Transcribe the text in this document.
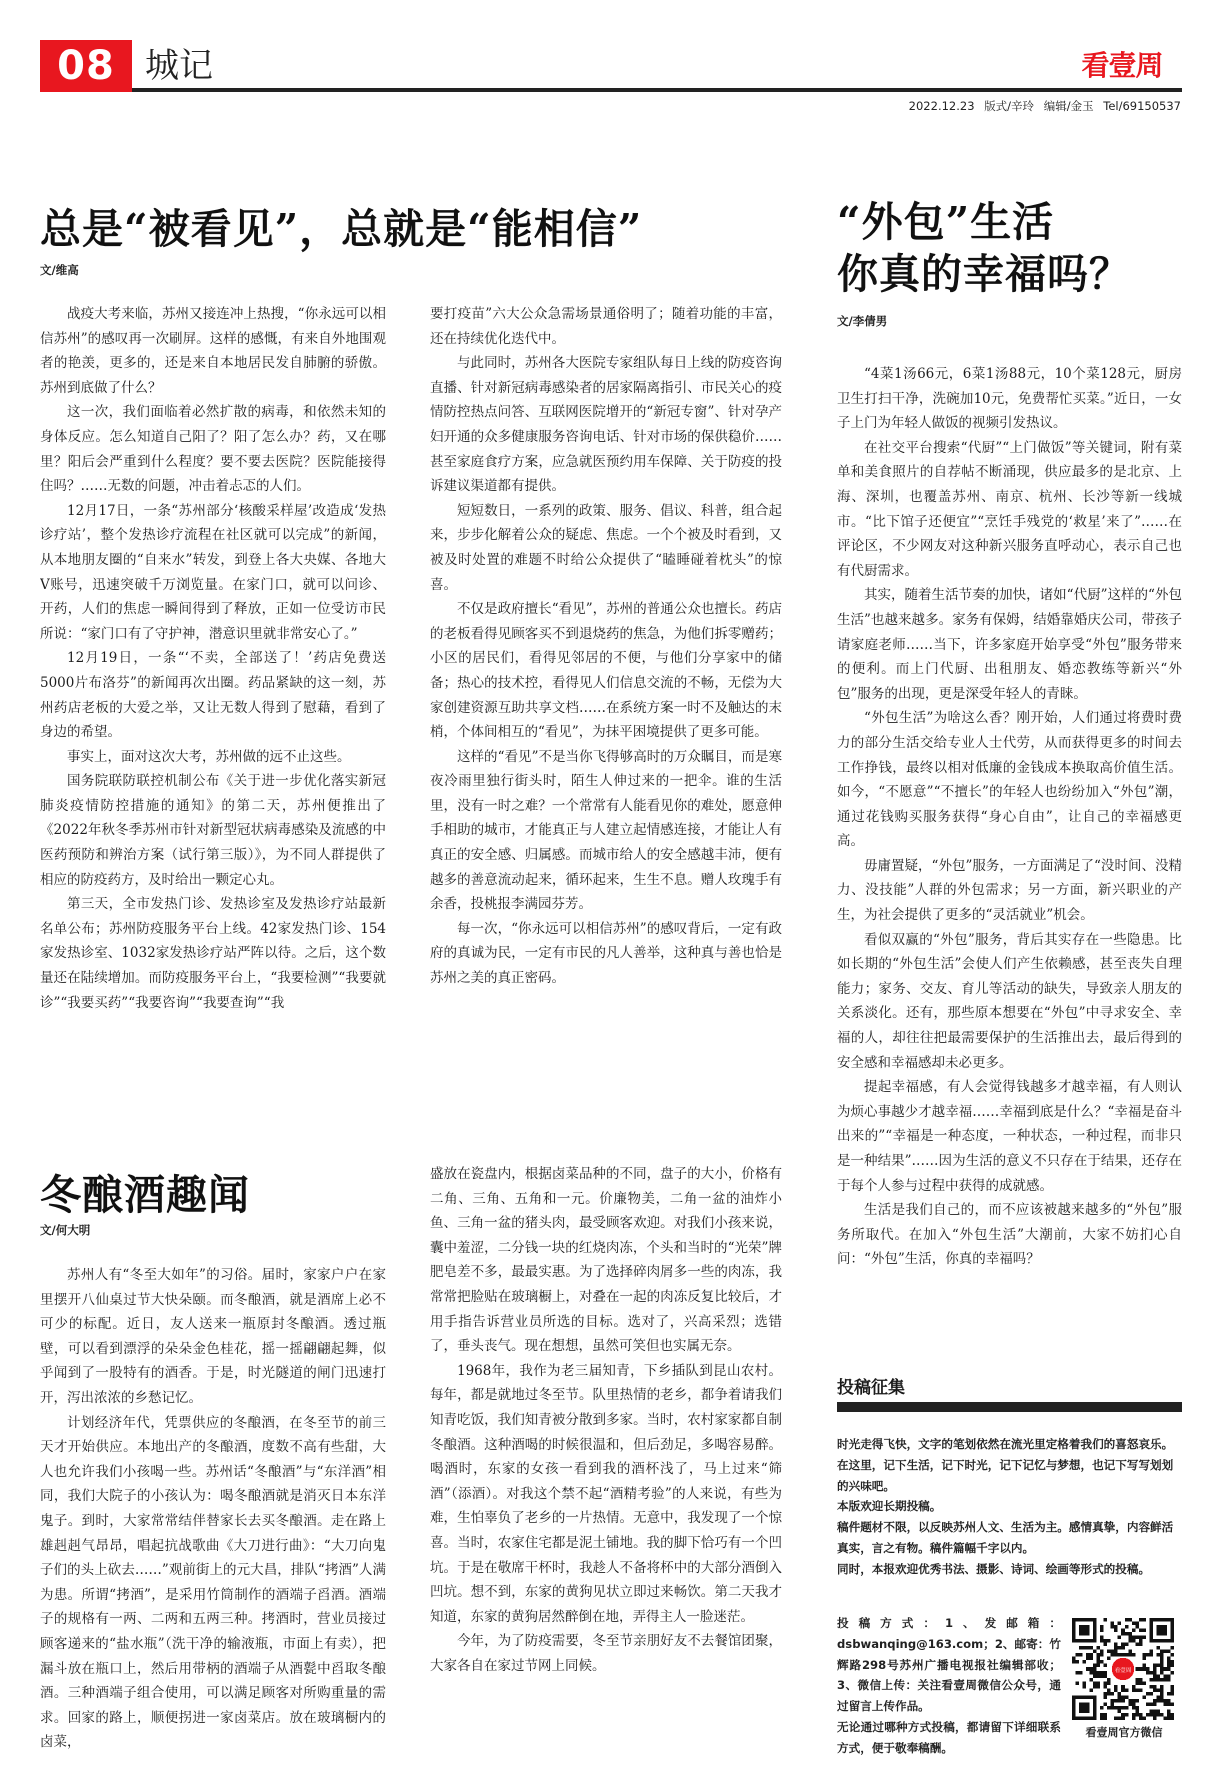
08 城记	看壹周
2022.12.23 版式/辛玲 编辑/金玉 Tel/69150537
总是“被看见”，总就是“能相信”
文/维高

战疫大考来临，苏州又接连冲上热搜，“你永远可以相信苏州”的感叹再一次刷屏。这样的感慨，有来自外地围观者的艳羡，更多的，还是来自本地居民发自肺腑的骄傲。苏州到底做了什么？

这一次，我们面临着必然扩散的病毒，和依然未知的身体反应。怎么知道自己阳了？阳了怎么办？药，又在哪里？阳后会严重到什么程度？要不要去医院？医院能接得住吗？……无数的问题，冲击着忐忑的人们。

12月17日，一条“苏州部分‘核酸采样屋’改造成‘发热诊疗站’，整个发热诊疗流程在社区就可以完成”的新闻，从本地朋友圈的“自来水”转发，到登上各大央媒、各地大V账号，迅速突破千万浏览量。在家门口，就可以问诊、开药，人们的焦虑一瞬间得到了释放，正如一位受访市民所说：“家门口有了守护神，潜意识里就非常安心了。”

12月19日，一条“‘不卖，全部送了！’药店免费送5000片布洛芬”的新闻再次出圈。药品紧缺的这一刻，苏州药店老板的大爱之举，又让无数人得到了慰藉，看到了身边的希望。

事实上，面对这次大考，苏州做的远不止这些。

国务院联防联控机制公布《关于进一步优化落实新冠肺炎疫情防控措施的通知》的第二天，苏州便推出了《2022年秋冬季苏州市针对新型冠状病毒感染及流感的中医药预防和辨治方案（试行第三版）》，为不同人群提供了相应的防疫药方，及时给出一颗定心丸。

第三天，全市发热门诊、发热诊室及发热诊疗站最新名单公布；苏州防疫服务平台上线。42家发热门诊、154家发热诊室、1032家发热诊疗站严阵以待。之后，这个数量还在陆续增加。而防疫服务平台上，“我要检测”“我要就诊”“我要买药”“我要咨询”“我要查询”“我

要打疫苗”六大公众急需场景通俗明了；随着功能的丰富，还在持续优化迭代中。

与此同时，苏州各大医院专家组队每日上线的防疫咨询直播、针对新冠病毒感染者的居家隔离指引、市民关心的疫情防控热点问答、互联网医院增开的“新冠专窗”、针对孕产妇开通的众多健康服务咨询电话、针对市场的保供稳价……甚至家庭食疗方案，应急就医预约用车保障、关于防疫的投诉建议渠道都有提供。

短短数日，一系列的政策、服务、倡议、科普，组合起来，步步化解着公众的疑虑、焦虑。一个个被及时看到，又被及时处置的难题不时给公众提供了“瞌睡碰着枕头”的惊喜。

不仅是政府擅长“看见”，苏州的普通公众也擅长。药店的老板看得见顾客买不到退烧药的焦急，为他们拆零赠药；小区的居民们，看得见邻居的不便，与他们分享家中的储备；热心的技术控，看得见人们信息交流的不畅，无偿为大家创建资源互助共享文档……在系统方案一时不及触达的末梢，个体间相互的“看见”，为抹平困境提供了更多可能。

这样的“看见”不是当你飞得够高时的万众瞩目，而是寒夜冷雨里独行街头时，陌生人伸过来的一把伞。谁的生活里，没有一时之难？一个常常有人能看见你的难处，愿意伸手相助的城市，才能真正与人建立起情感连接，才能让人有真正的安全感、归属感。而城市给人的安全感越丰沛，便有越多的善意流动起来，循环起来，生生不息。赠人玫瑰手有余香，投桃报李满园芬芳。

每一次，“你永远可以相信苏州”的感叹背后，一定有政府的真诚为民，一定有市民的凡人善举，这种真与善也恰是苏州之美的真正密码。

“外包”生活
你真的幸福吗？
文/李倩男

“4菜1汤66元，6菜1汤88元，10个菜128元，厨房卫生打扫干净，洗碗加10元，免费帮忙买菜。”近日，一女子上门为年轻人做饭的视频引发热议。

在社交平台搜索“代厨”“上门做饭”等关键词，附有菜单和美食照片的自荐帖不断涌现，供应最多的是北京、上海、深圳，也覆盖苏州、南京、杭州、长沙等新一线城市。“比下馆子还便宜”“烹饪手残党的‘救星’来了”……在评论区，不少网友对这种新兴服务直呼动心，表示自己也有代厨需求。

其实，随着生活节奏的加快，诸如“代厨”这样的“外包生活”也越来越多。家务有保姆，结婚靠婚庆公司，带孩子请家庭老师……当下，许多家庭开始享受“外包”服务带来的便利。而上门代厨、出租朋友、婚恋教练等新兴“外包”服务的出现，更是深受年轻人的青睐。

“外包生活”为啥这么香？刚开始，人们通过将费时费力的部分生活交给专业人士代劳，从而获得更多的时间去工作挣钱，最终以相对低廉的金钱成本换取高价值生活。如今，“不愿意”“不擅长”的年轻人也纷纷加入“外包”潮，通过花钱购买服务获得“身心自由”，让自己的幸福感更高。

毋庸置疑，“外包”服务，一方面满足了“没时间、没精力、没技能”人群的外包需求；另一方面，新兴职业的产生，为社会提供了更多的“灵活就业”机会。

看似双赢的“外包”服务，背后其实存在一些隐患。比如长期的“外包生活”会使人们产生依赖感，甚至丧失自理能力；家务、交友、育儿等活动的缺失，导致亲人朋友的关系淡化。还有，那些原本想要在“外包”中寻求安全、幸福的人，却往往把最需要保护的生活推出去，最后得到的安全感和幸福感却未必更多。

提起幸福感，有人会觉得钱越多才越幸福，有人则认为烦心事越少才越幸福……幸福到底是什么？“幸福是奋斗出来的”“幸福是一种态度，一种状态，一种过程，而非只是一种结果”……因为生活的意义不只存在于结果，还存在于每个人参与过程中获得的成就感。

生活是我们自己的，而不应该被越来越多的“外包”服务所取代。在加入“外包生活”大潮前，大家不妨扪心自问：“外包”生活，你真的幸福吗？

冬酿酒趣闻
文/何大明

苏州人有“冬至大如年”的习俗。届时，家家户户在家里摆开八仙桌过节大快朵颐。而冬酿酒，就是酒席上必不可少的标配。近日，友人送来一瓶原封冬酿酒。透过瓶壁，可以看到漂浮的朵朵金色桂花，摇一摇翩翩起舞，似乎闻到了一股特有的酒香。于是，时光隧道的闸门迅速打开，泻出浓浓的乡愁记忆。

计划经济年代，凭票供应的冬酿酒，在冬至节的前三天才开始供应。本地出产的冬酿酒，度数不高有些甜，大人也允许我们小孩喝一些。苏州话“冬酿酒”与“东洋酒”相同，我们大院子的小孩认为：喝冬酿酒就是消灭日本东洋鬼子。到时，大家常常结伴替家长去买冬酿酒。走在路上雄赳赳气昂昂，唱起抗战歌曲《大刀进行曲》：“大刀向鬼子们的头上砍去……”观前街上的元大昌，排队“拷酒”人满为患。所谓“拷酒”，是采用竹筒制作的酒端子舀酒。酒端子的规格有一两、二两和五两三种。拷酒时，营业员接过顾客递来的“盐水瓶”（洗干净的输液瓶，市面上有卖），把漏斗放在瓶口上，然后用带柄的酒端子从酒甏中舀取冬酿酒。三种酒端子组合使用，可以满足顾客对所购重量的需求。回家的路上，顺便拐进一家卤菜店。放在玻璃橱内的卤菜，

盛放在瓷盘内，根据卤菜品种的不同，盘子的大小，价格有二角、三角、五角和一元。价廉物美，二角一盆的油炸小鱼、三角一盆的猪头肉，最受顾客欢迎。对我们小孩来说，囊中羞涩，二分钱一块的红烧肉冻，个头和当时的“光荣”牌肥皂差不多，最最实惠。为了选择碎肉屑多一些的肉冻，我常常把脸贴在玻璃橱上，对叠在一起的肉冻反复比较后，才用手指告诉营业员所选的目标。选对了，兴高采烈；选错了，垂头丧气。现在想想，虽然可笑但也实属无奈。

1968年，我作为老三届知青，下乡插队到昆山农村。每年，都是就地过冬至节。队里热情的老乡，都争着请我们知青吃饭，我们知青被分散到多家。当时，农村家家都自制冬酿酒。这种酒喝的时候很温和，但后劲足，多喝容易醉。喝酒时，东家的女孩一看到我的酒杯浅了，马上过来“筛酒”（添酒）。对我这个禁不起“酒精考验”的人来说，有些为难，生怕辜负了老乡的一片热情。无意中，我发现了一个惊喜。当时，农家住宅都是泥土铺地。我的脚下恰巧有一个凹坑。于是在敬席干杯时，我趁人不备将杯中的大部分酒倒入凹坑。想不到，东家的黄狗见状立即过来畅饮。第二天我才知道，东家的黄狗居然醉倒在地，弄得主人一脸迷茫。

今年，为了防疫需要，冬至节亲朋好友不去餐馆团聚，大家各自在家过节网上同候。

投稿征集

时光走得飞快，文字的笔划依然在流光里定格着我们的喜怒哀乐。

在这里，记下生活，记下时光，记下记忆与梦想，也记下写写划划的兴味吧。

本版欢迎长期投稿。

稿件题材不限，以反映苏州人文、生活为主。感情真挚，内容鲜活真实，言之有物。稿件篇幅千字以内。

同时，本报欢迎优秀书法、摄影、诗词、绘画等形式的投稿。

投稿方式：1、发邮箱：dsbwanqing@163.com；2、邮寄：竹辉路298号苏州广播电视报社编辑部收；3、微信上传：关注看壹周微信公众号，通过留言上传作品。

无论通过哪种方式投稿，都请留下详细联系方式，便于敬奉稿酬。

看壹周
看壹周官方微信
